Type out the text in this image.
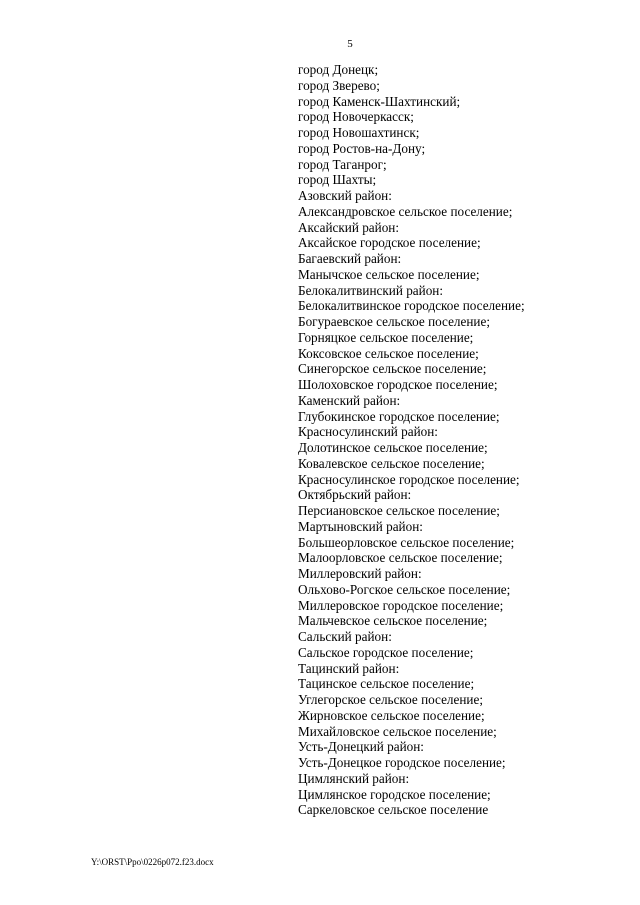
5
город Донецк;
город Зверево;
город Каменск-Шахтинский;
город Новочеркасск;
город Новошахтинск;
город Ростов-на-Дону;
город Таганрог;
город Шахты;
Азовский район:
Александровское сельское поселение;
Аксайский район:
Аксайское городское поселение;
Багаевский район:
Манычское сельское поселение;
Белокалитвинский район:
Белокалитвинское городское поселение;
Богураевское сельское поселение;
Горняцкое сельское поселение;
Коксовское сельское поселение;
Синегорское сельское поселение;
Шолоховское городское поселение;
Каменский район:
Глубокинское городское поселение;
Красносулинский район:
Долотинское сельское поселение;
Ковалевское сельское поселение;
Красносулинское городское поселение;
Октябрьский район:
Персиановское сельское поселение;
Мартыновский район:
Большеорловское сельское поселение;
Малоорловское сельское поселение;
Миллеровский район:
Ольхово-Рогское сельское поселение;
Миллеровское городское поселение;
Мальчевское сельское поселение;
Сальский район:
Сальское городское поселение;
Тацинский район:
Тацинское сельское поселение;
Углегорское сельское поселение;
Жирновское сельское поселение;
Михайловское сельское поселение;
Усть-Донецкий район:
Усть-Донецкое городское поселение;
Цимлянский район:
Цимлянское городское поселение;
Саркеловское сельское поселение
Y:\ORST\Ppo\0226p072.f23.docx
